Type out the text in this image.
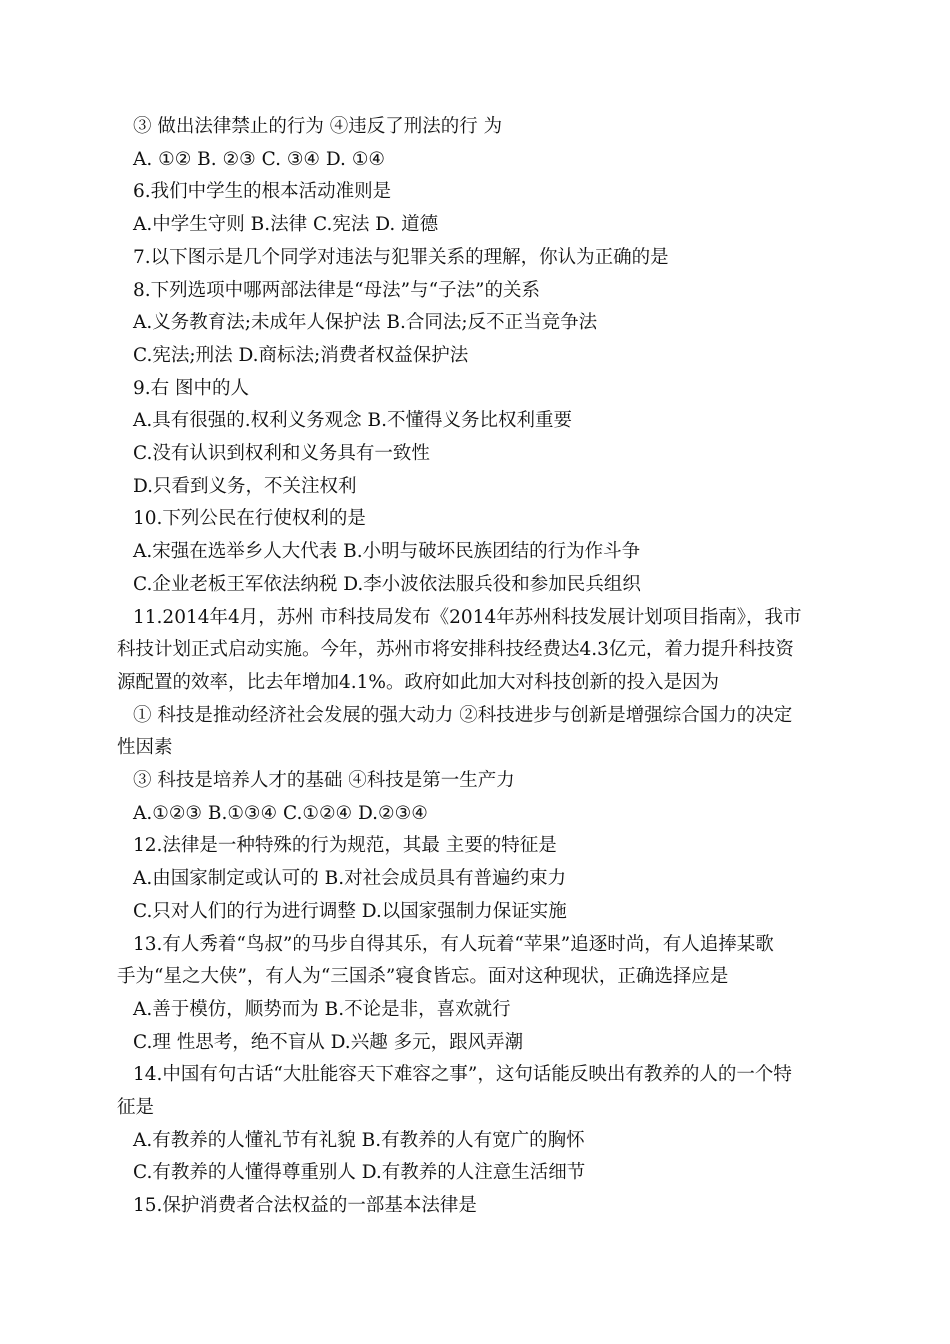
③ 做出法律禁止的行为 ④违反了刑法的行 为
A. ①② B. ②③ C. ③④ D. ①④
6.我们中学生的根本活动准则是
A.中学生守则 B.法律 C.宪法 D. 道德
7.以下图示是几个同学对违法与犯罪关系的理解，你认为正确的是
8.下列选项中哪两部法律是“母法”与“子法”的关系
A.义务教育法;未成年人保护法 B.合同法;反不正当竞争法
C.宪法;刑法 D.商标法;消费者权益保护法
9.右 图中的人
A.具有很强的.权利义务观念 B.不懂得义务比权利重要
C.没有认识到权利和义务具有一致性
D.只看到义务，不关注权利
10.下列公民在行使权利的是
A.宋强在选举乡人大代表 B.小明与破坏民族团结的行为作斗争
C.企业老板王军依法纳税 D.李小波依法服兵役和参加民兵组织
11.2014年4月，苏州 市科技局发布《2014年苏州科技发展计划项目指南》，我市
科技计划正式启动实施。今年，苏州市将安排科技经费达4.3亿元，着力提升科技资
源配置的效率，比去年增加4.1%。政府如此加大对科技创新的投入是因为
① 科技是推动经济社会发展的强大动力 ②科技进步与创新是增强综合国力的决定
性因素
③ 科技是培养人才的基础 ④科技是第一生产力
A.①②③ B.①③④ C.①②④ D.②③④
12.法律是一种特殊的行为规范，其最 主要的特征是
A.由国家制定或认可的 B.对社会成员具有普遍约束力
C.只对人们的行为进行调整 D.以国家强制力保证实施
13.有人秀着“鸟叔”的马步自得其乐，有人玩着“苹果”追逐时尚，有人追捧某歌
手为“星之大侠”，有人为“三国杀”寝食皆忘。面对这种现状，正确选择应是
A.善于模仿，顺势而为 B.不论是非，喜欢就行
C.理 性思考，绝不盲从 D.兴趣 多元，跟风弄潮
14.中国有句古话“大肚能容天下难容之事”，这句话能反映出有教养的人的一个特
征是
A.有教养的人懂礼节有礼貌 B.有教养的人有宽广的胸怀
C.有教养的人懂得尊重别人 D.有教养的人注意生活细节
15.保护消费者合法权益的一部基本法律是
